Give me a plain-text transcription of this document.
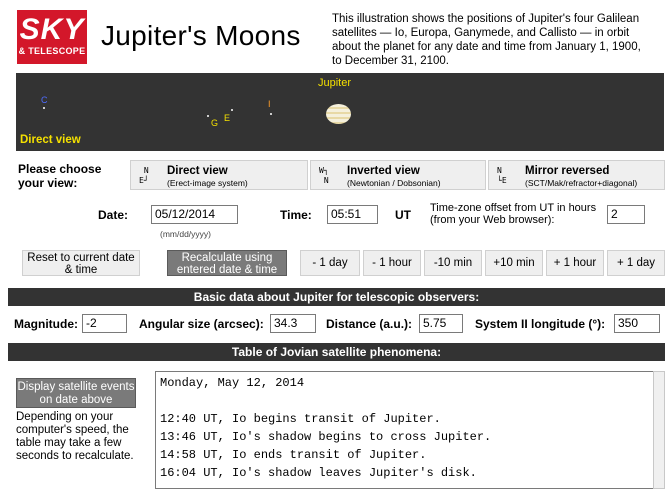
SKY
& TELESCOPE Jupiter's Moons
This illustration shows the positions of Jupiter's four Galilean satellites — Io, Europa, Ganymede, and Callisto — in orbit about the planet for any date and time from January 1, 1900, to December 31, 2100.
Jupiter
C
G E
I
Direct view
Please choose your view:
N
E┘
Direct view
(Erect-image system)
W┐
N
Inverted view
(Newtonian / Dobsonian)
N
└E
Mirror reversed
(SCT/Mak/refractor+diagonal)
Date:	05/12/2014
(mm/dd/yyyy)
Time:	05:51	UT Time-zone offset from UT in hours (from your Web browser):	2
Reset to current date & time
Recalculate using entered date & time
- 1 day	- 1 hour	-10 min	+10 min	+ 1 hour	+ 1 day
Basic data about Jupiter for telescopic observers:
Magnitude: -2	Angular size (arcsec): 34.3	Distance (a.u.): 5.75	System II longitude (°):	350
Table of Jovian satellite phenomena:
Display satellite events on date above
Depending on your computer's speed, the table may take a few seconds to recalculate.
Monday, May 12, 2014

12:40 UT, Io begins transit of Jupiter.
13:46 UT, Io's shadow begins to cross Jupiter.
14:58 UT, Io ends transit of Jupiter.
16:04 UT, Io's shadow leaves Jupiter's disk.
